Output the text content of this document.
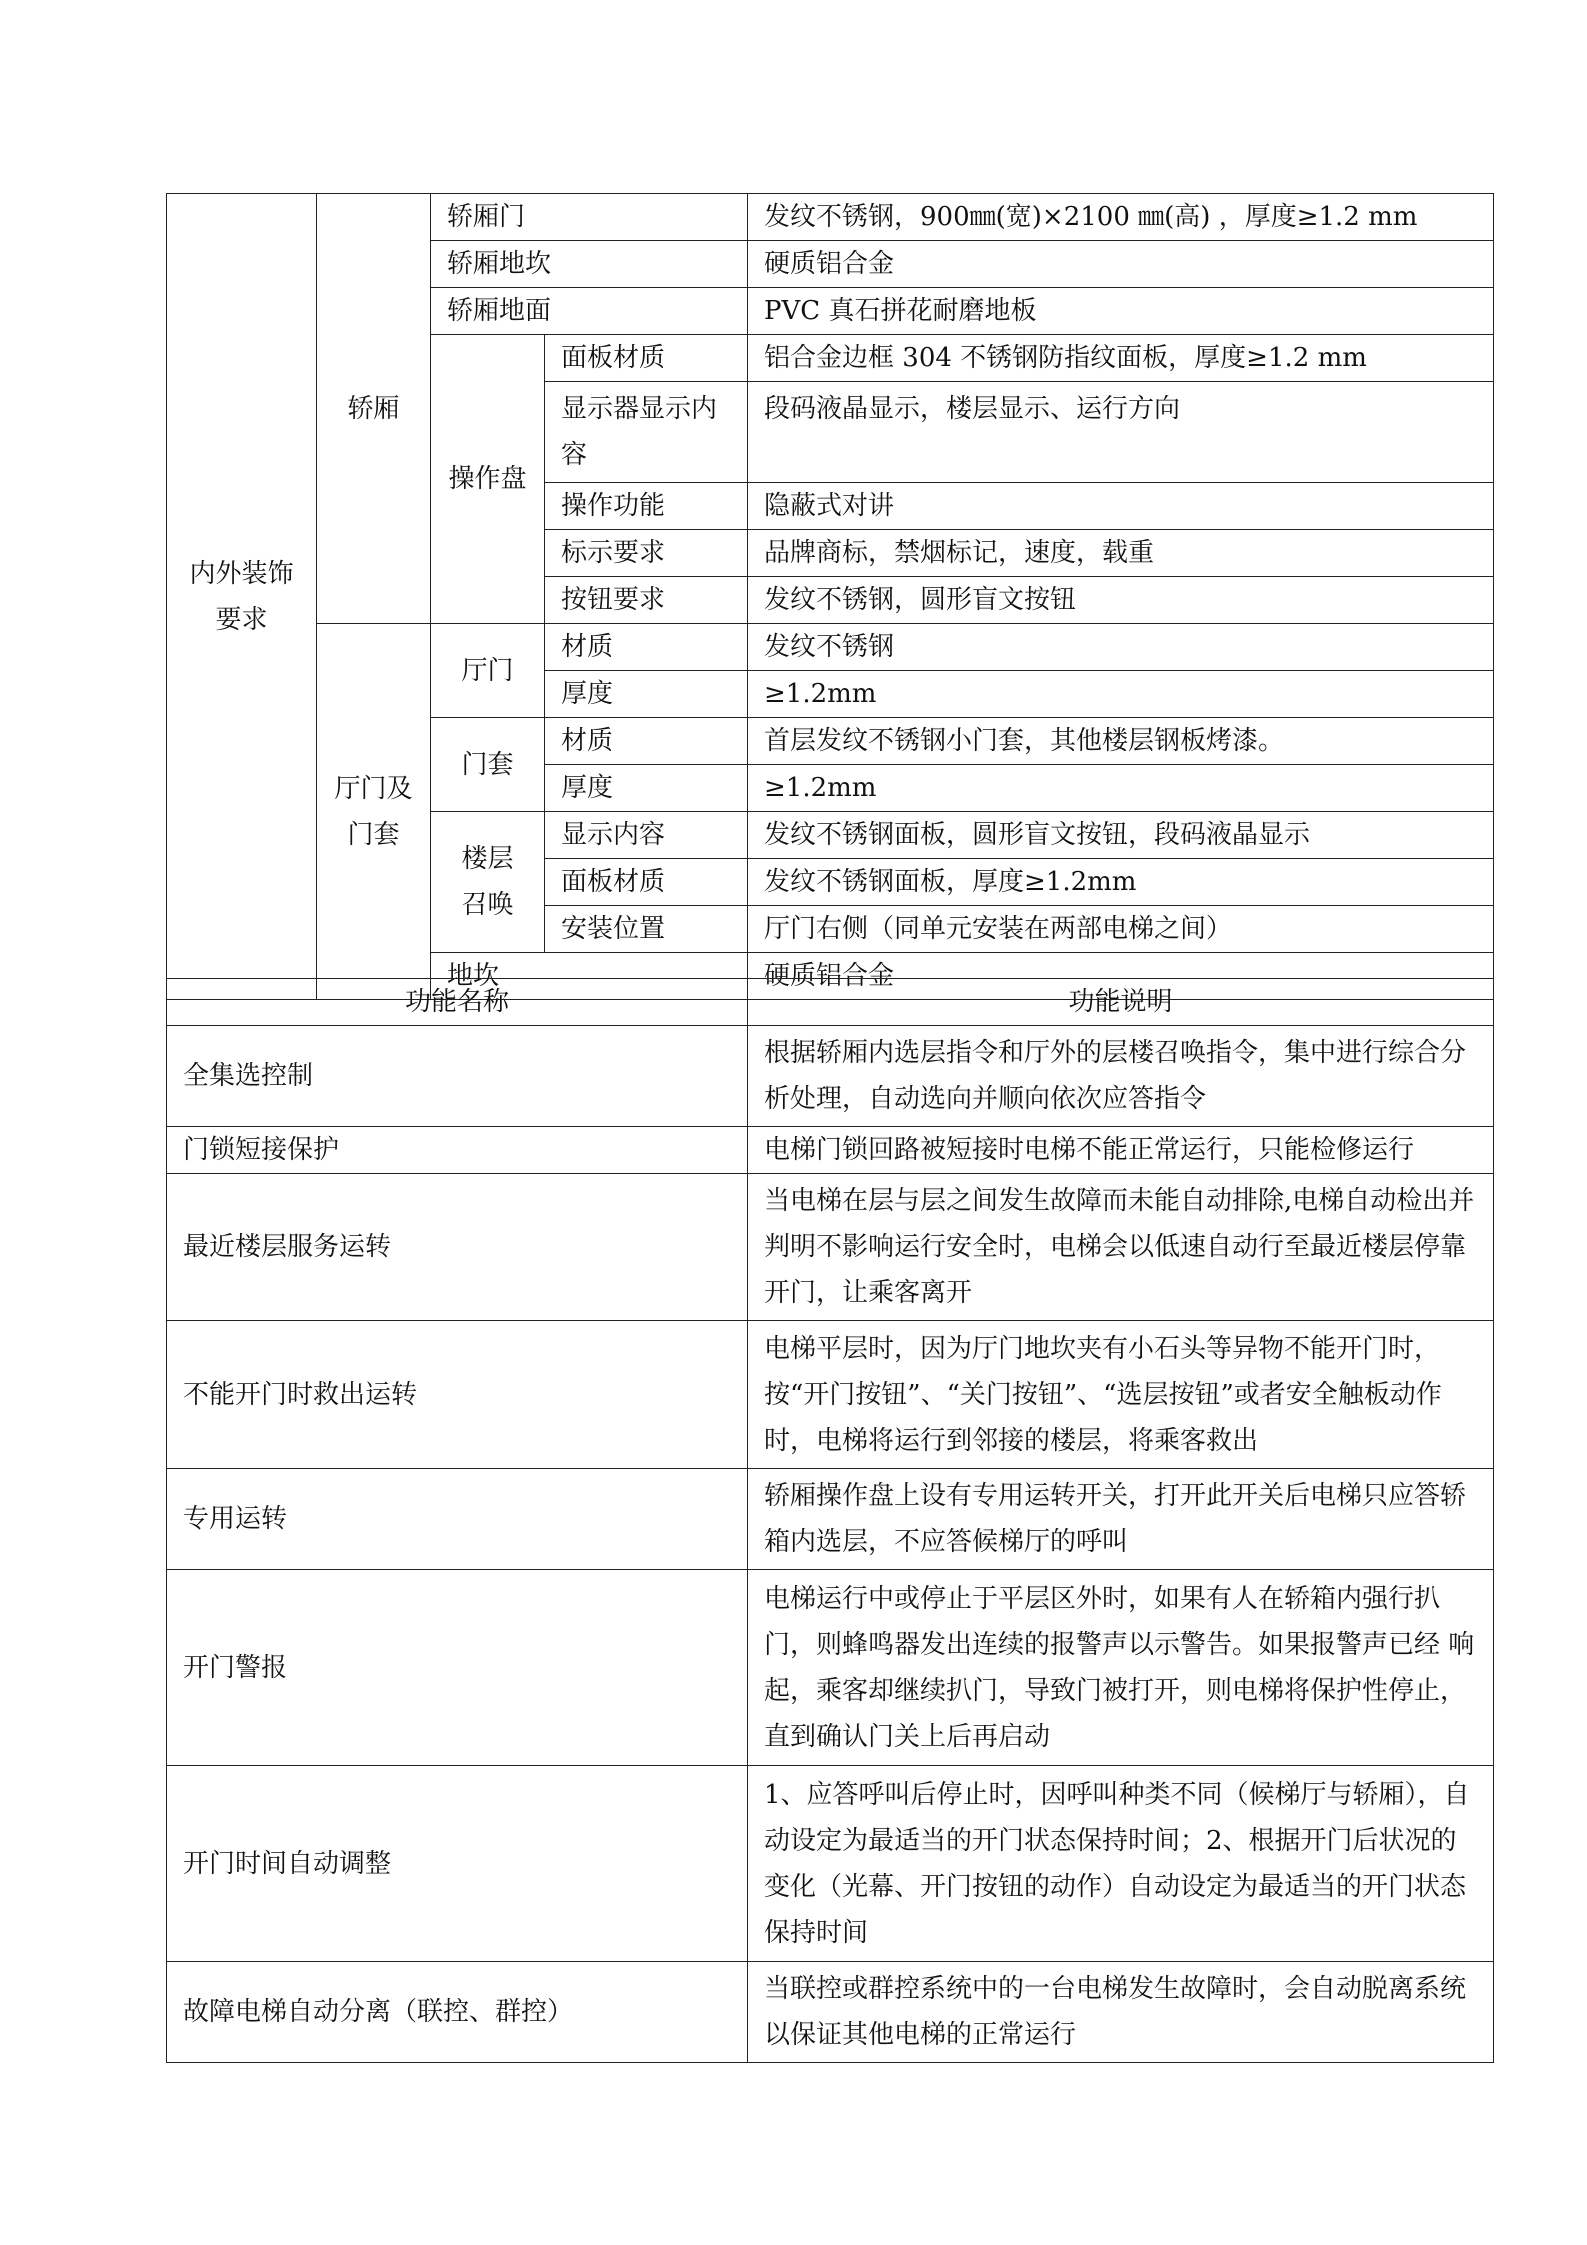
内外装饰要求	轿厢	轿厢门		发纹不锈钢，900㎜(宽)×2100 ㎜(高) ，厚度≥1.2 mm
		轿厢地坎		硬质铝合金
		轿厢地面		PVC 真石拼花耐磨地板
		操作盘	面板材质	铝合金边框 304 不锈钢防指纹面板，厚度≥1.2 mm
			显示器显示内容	段码液晶显示，楼层显示、运行方向

			操作功能	隐蔽式对讲
			标示要求	品牌商标，禁烟标记，速度，载重
			按钮要求	发纹不锈钢，圆形盲文按钮
	厅门及门套	厅门	材质	发纹不锈钢
			厚度	≥1.2mm
		门套	材质	首层发纹不锈钢小门套，其他楼层钢板烤漆。
			厚度	≥1.2mm
		楼层召唤	显示内容	发纹不锈钢面板，圆形盲文按钮，段码液晶显示
			面板材质	发纹不锈钢面板，厚度≥1.2mm
			安装位置	厅门右侧（同单元安装在两部电梯之间）
		地坎		硬质铝合金
功能名称	功能说明
全集选控制	根据轿厢内选层指令和厅外的层楼召唤指令，集中进行综合分析处理，自动选向并顺向依次应答指令
门锁短接保护	电梯门锁回路被短接时电梯不能正常运行，只能检修运行
最近楼层服务运转	当电梯在层与层之间发生故障而未能自动排除,电梯自动检出并判明不影响运行安全时，电梯会以低速自动行至最近楼层停靠开门，让乘客离开
不能开门时救出运转	电梯平层时，因为厅门地坎夹有小石头等异物不能开门时，按“开门按钮”、“关门按钮”、“选层按钮”或者安全触板动作时，电梯将运行到邻接的楼层，将乘客救出
专用运转	轿厢操作盘上设有专用运转开关，打开此开关后电梯只应答轿箱内选层，不应答候梯厅的呼叫
开门警报	电梯运行中或停止于平层区外时，如果有人在轿箱内强行扒 门，则蜂鸣器发出连续的报警声以示警告。如果报警声已经 响起，乘客却继续扒门，导致门被打开，则电梯将保护性停止，直到确认门关上后再启动
开门时间自动调整	1、应答呼叫后停止时，因呼叫种类不同（候梯厅与轿厢），自动设定为最适当的开门状态保持时间；2、根据开门后状况的变化（光幕、开门按钮的动作）自动设定为最适当的开门状态保持时间
故障电梯自动分离（联控、群控）	当联控或群控系统中的一台电梯发生故障时，会自动脱离系统以保证其他电梯的正常运行
